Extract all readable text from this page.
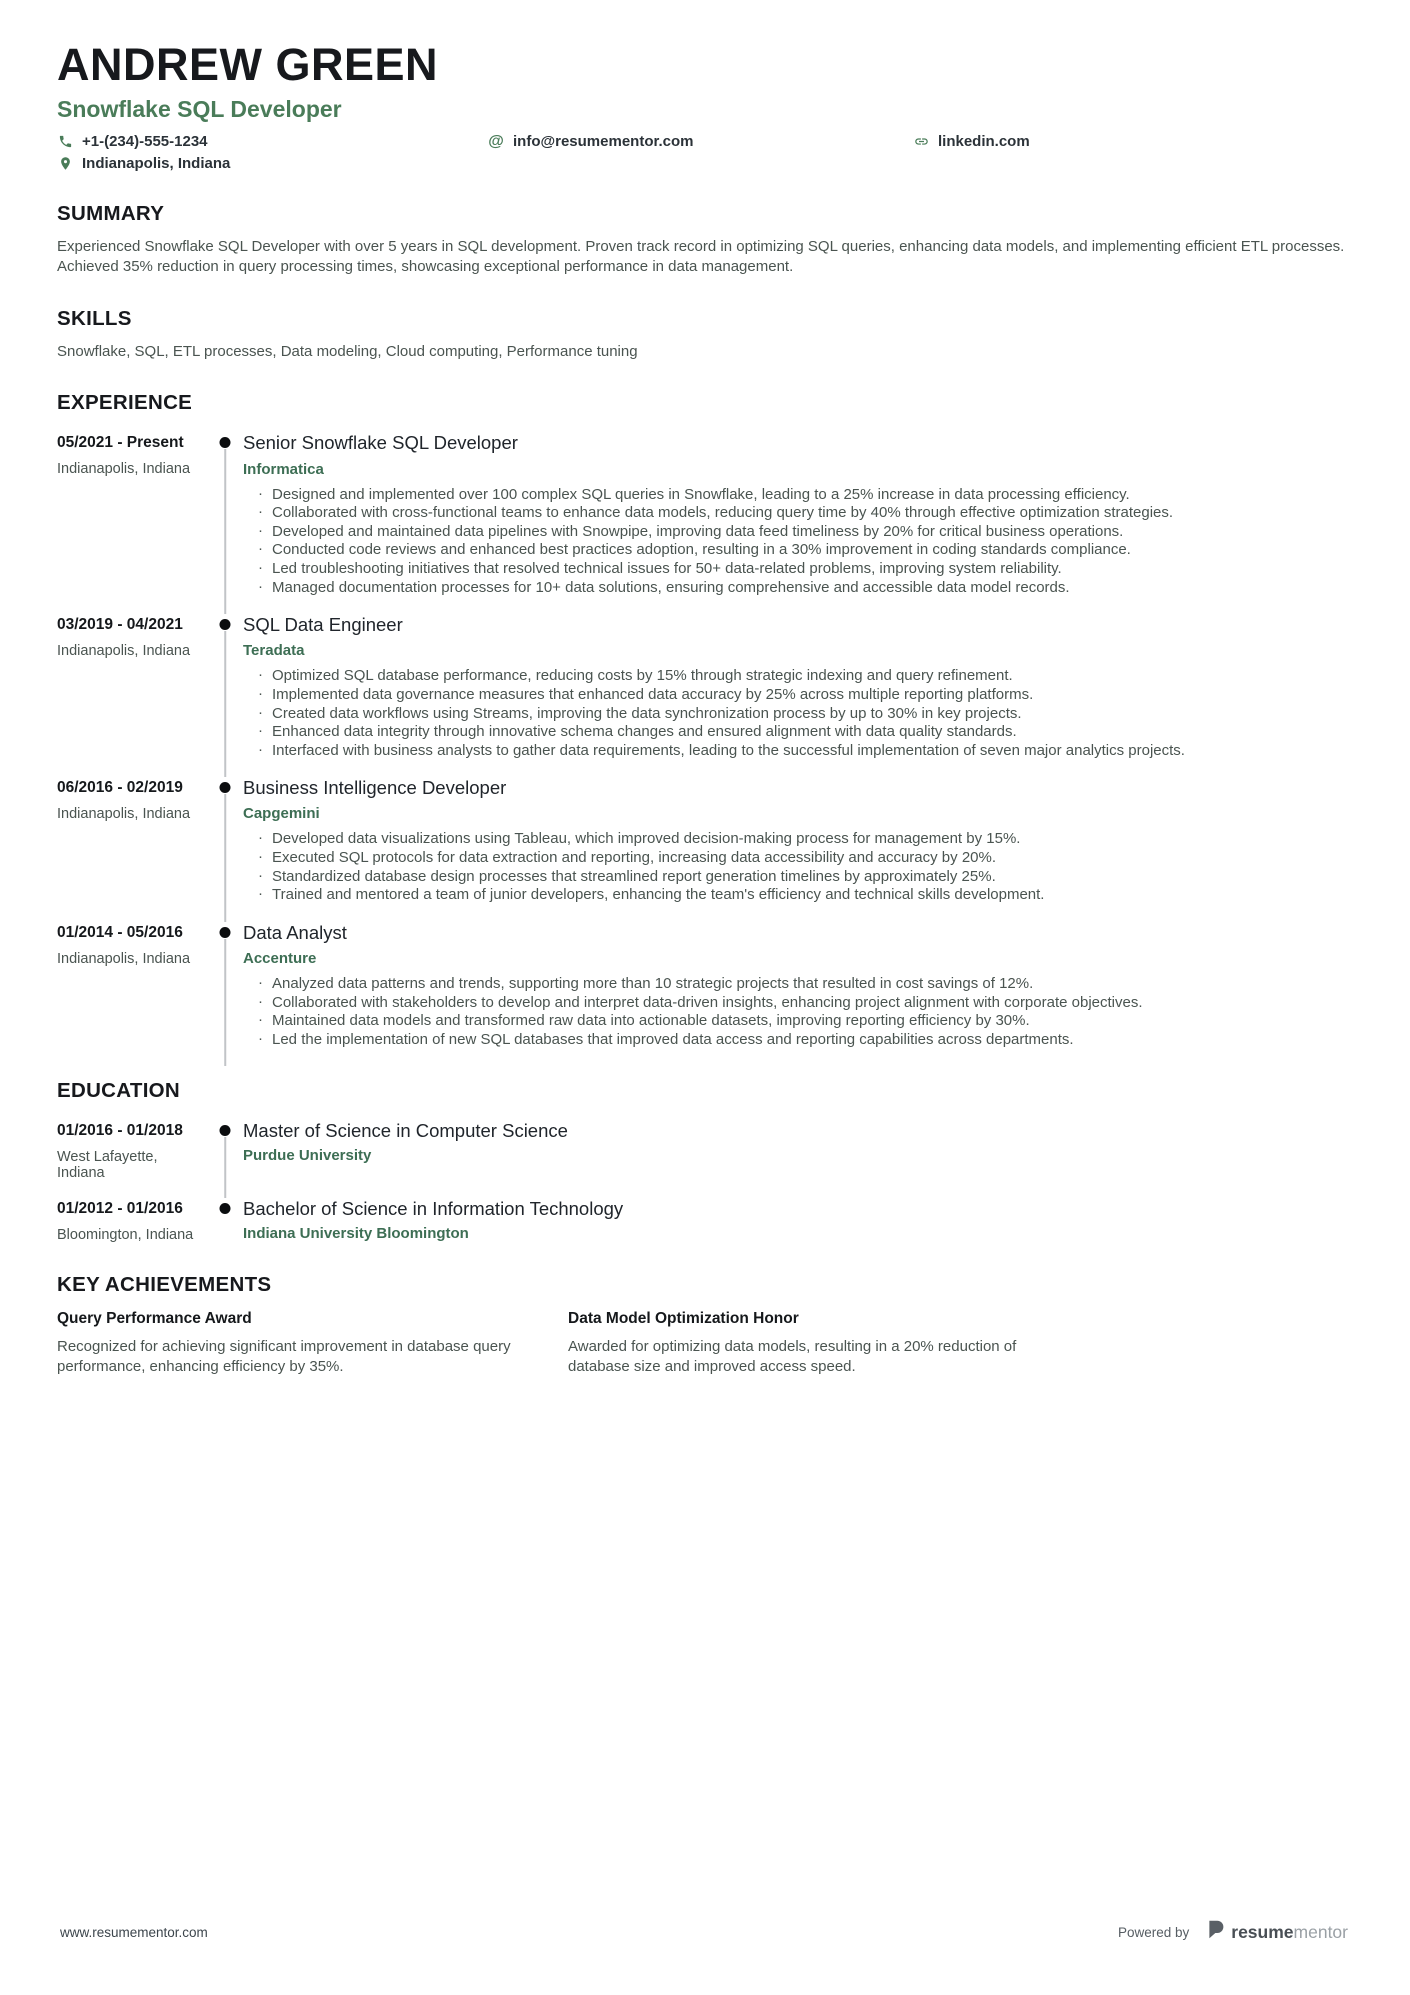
ANDREW GREEN
Snowflake SQL Developer
+1-(234)-555-1234	@ info@resumementor.com	linkedin.com
Indianapolis, Indiana
SUMMARY
Experienced Snowflake SQL Developer with over 5 years in SQL development. Proven track record in optimizing SQL queries, enhancing data models, and implementing efficient ETL processes. Achieved 35% reduction in query processing times, showcasing exceptional performance in data management.
SKILLS
Snowflake, SQL, ETL processes, Data modeling, Cloud computing, Performance tuning
EXPERIENCE
05/2021 - Present
Indianapolis, Indiana
Senior Snowflake SQL Developer
Informatica
· Designed and implemented over 100 complex SQL queries in Snowflake, leading to a 25% increase in data processing efficiency.
· Collaborated with cross-functional teams to enhance data models, reducing query time by 40% through effective optimization strategies.
· Developed and maintained data pipelines with Snowpipe, improving data feed timeliness by 20% for critical business operations.
· Conducted code reviews and enhanced best practices adoption, resulting in a 30% improvement in coding standards compliance.
· Led troubleshooting initiatives that resolved technical issues for 50+ data-related problems, improving system reliability.
· Managed documentation processes for 10+ data solutions, ensuring comprehensive and accessible data model records.
03/2019 - 04/2021
Indianapolis, Indiana
SQL Data Engineer
Teradata
· Optimized SQL database performance, reducing costs by 15% through strategic indexing and query refinement.
· Implemented data governance measures that enhanced data accuracy by 25% across multiple reporting platforms.
· Created data workflows using Streams, improving the data synchronization process by up to 30% in key projects.
· Enhanced data integrity through innovative schema changes and ensured alignment with data quality standards.
· Interfaced with business analysts to gather data requirements, leading to the successful implementation of seven major analytics projects.
06/2016 - 02/2019
Indianapolis, Indiana
Business Intelligence Developer
Capgemini
· Developed data visualizations using Tableau, which improved decision-making process for management by 15%.
· Executed SQL protocols for data extraction and reporting, increasing data accessibility and accuracy by 20%.
· Standardized database design processes that streamlined report generation timelines by approximately 25%.
· Trained and mentored a team of junior developers, enhancing the team's efficiency and technical skills development.
01/2014 - 05/2016
Indianapolis, Indiana
Data Analyst
Accenture
· Analyzed data patterns and trends, supporting more than 10 strategic projects that resulted in cost savings of 12%.
· Collaborated with stakeholders to develop and interpret data-driven insights, enhancing project alignment with corporate objectives.
· Maintained data models and transformed raw data into actionable datasets, improving reporting efficiency by 30%.
· Led the implementation of new SQL databases that improved data access and reporting capabilities across departments.
EDUCATION
01/2016 - 01/2018
West Lafayette, Indiana
Master of Science in Computer Science
Purdue University
01/2012 - 01/2016
Bloomington, Indiana
Bachelor of Science in Information Technology
Indiana University Bloomington
KEY ACHIEVEMENTS
Query Performance Award
Recognized for achieving significant improvement in database query performance, enhancing efficiency by 35%.
Data Model Optimization Honor
Awarded for optimizing data models, resulting in a 20% reduction of database size and improved access speed.
www.resumementor.com	Powered by resumementor
